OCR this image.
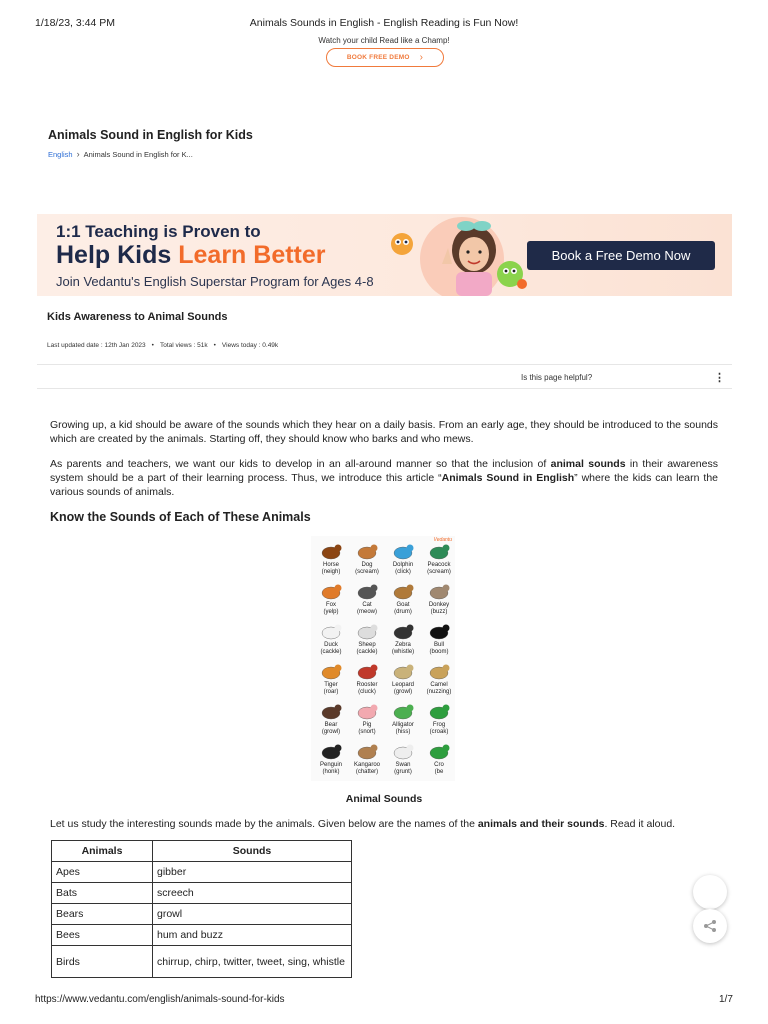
1/18/23, 3:44 PM	Animals Sounds in English - English Reading is Fun Now!
Watch your child Read like a Champ!
BOOK FREE DEMO ›
Animals Sound in English for Kids
English › Animals Sound in English for K...
1:1 Teaching is Proven to
Help Kids Learn Better
Join Vedantu's English Superstar Program for Ages 4-8
Book a Free Demo Now
Kids Awareness to Animal Sounds
Last updated date : 12th Jan 2023 • Total views : 51k • Views today : 0.49k
Is this page helpful?	⋮

Growing up, a kid should be aware of the sounds which they hear on a daily basis. From an early age, they should be introduced to the sounds which are created by the animals. Starting off, they should know who barks and who mews.

As parents and teachers, we want our kids to develop in an all-around manner so that the inclusion of animal sounds in their awareness system should be a part of their learning process. Thus, we introduce this article “Animals Sound in English” where the kids can learn the various sounds of animals.

Know the Sounds of Each of These Animals
Vedantu
Horse
(neigh)
Dog
(scream)
Dolphin
(click)
Peacock
(scream)
Fox
(yelp)
Cat
(meow)
Goat
(drum)
Donkey
(buzz)
Duck
(cackle)
Sheep
(cackle)
Zebra
(whistle)
Bull
(boom)
Tiger
(roar)
Rooster
(cluck)
Leopard
(growl)
Camel
(nuzzing)
Bear
(growl)
Pig
(snort)
Alligator
(hiss)
Frog
(croak)
Penguin
(honk)
Kangaroo
(chatter)
Swan
(grunt)
Cro
(be
Animal Sounds

Let us study the interesting sounds made by the animals. Given below are the names of the animals and their sounds. Read it aloud.

Animals	Sounds
Apes	gibber
Bats	screech
Bears	growl
Bees	hum and buzz
Birds	chirrup, chirp, twitter, tweet, sing, whistle
https://www.vedantu.com/english/animals-sound-for-kids	1/7
